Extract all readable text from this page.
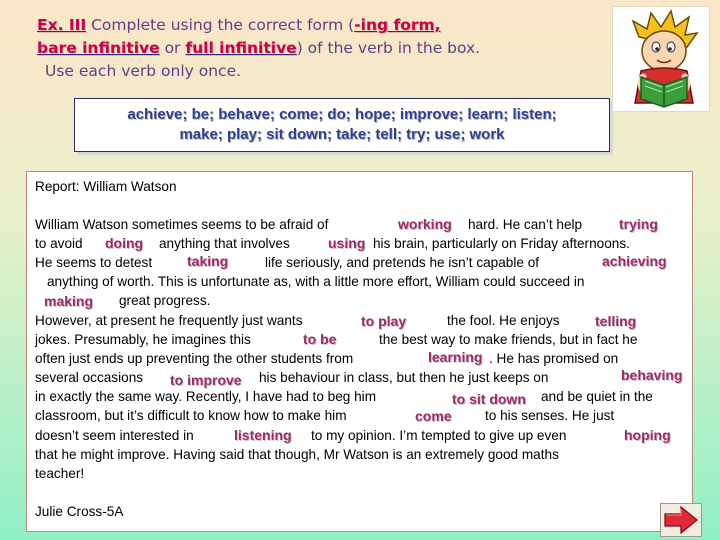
Ex. III Complete using the correct form (-ing form,
bare infinitive or full infinitive) of the verb in the box.
Use each verb only once.
achieve; be; behave; come; do; hope; improve; learn; listen;
make; play; sit down; take; tell; try; use; work
Report: William Watson
William Watson sometimes seems to be afraid of	working hard. He can’t help	trying
to avoid doing anything that involves	using his brain, particularly on Friday afternoons.
He seems to detest taking	life seriously, and pretends he isn’t capable of	achieving
anything of worth. This is unfortunate as, with a little more effort, William could succeed in
making great progress.
However, at present he frequently just wants	to play	the fool. He enjoys	telling
jokes. Presumably, he imagines this	to be	the best way to make friends, but in fact he
often just ends up preventing the other students from	learning . He has promised on
several occasions to improve his behaviour in class, but then he just keeps on	behaving
in exactly the same way. Recently, I have had to beg him	to sit down and be quiet in the
classroom, but it’s difficult to know how to make him	come to his senses. He just
doesn’t seem interested in	listening to my opinion. I’m tempted to give up even	hoping
that he might improve. Having said that though, Mr Watson is an extremely good maths
teacher!
Julie Cross-5A
